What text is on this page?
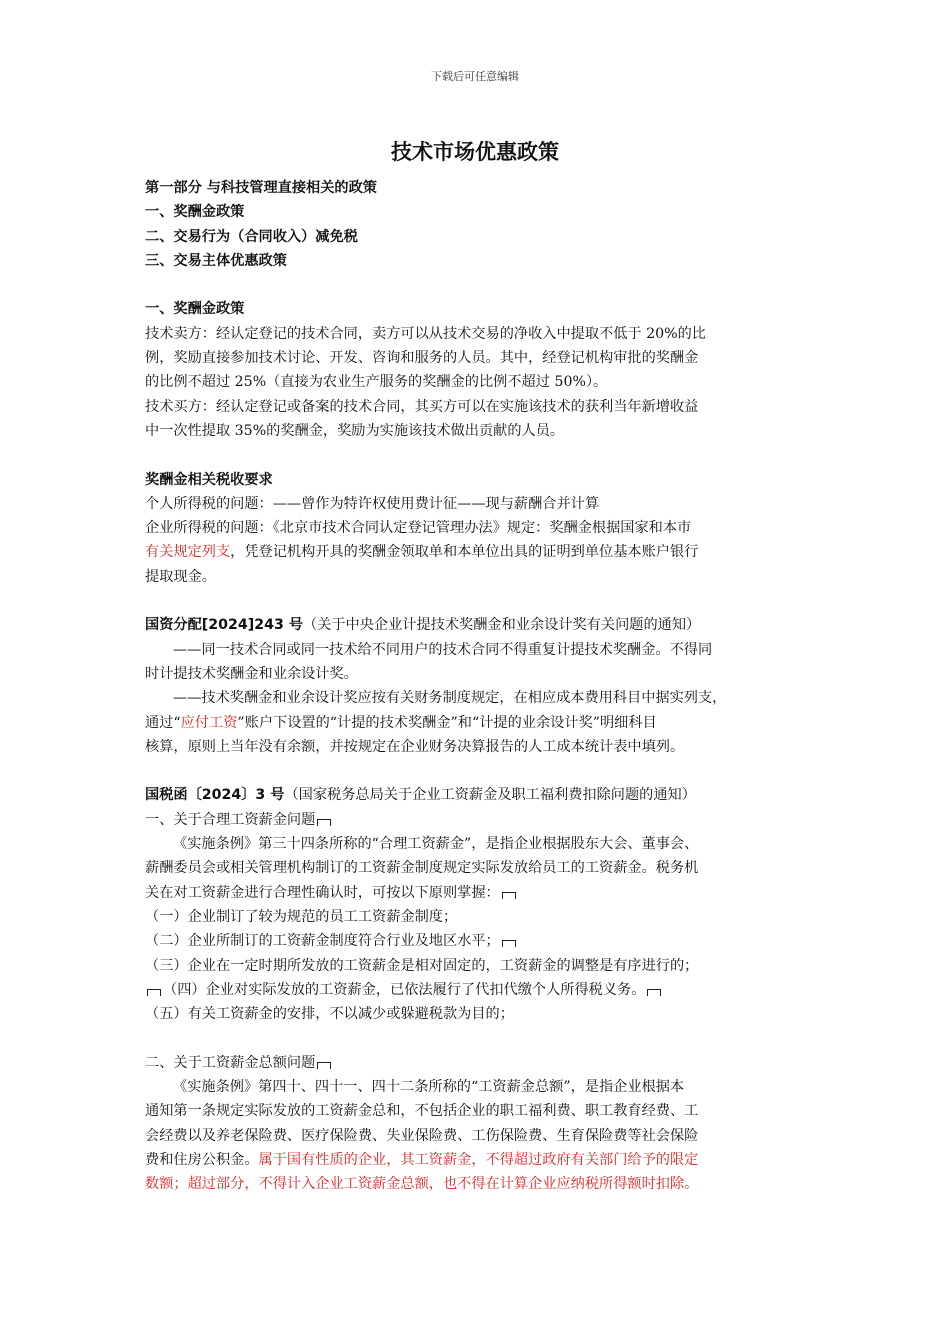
下载后可任意编辑
技术市场优惠政策
第一部分 与科技管理直接相关的政策
一、奖酬金政策
二、交易行为（合同收入）减免税
三、交易主体优惠政策
一、奖酬金政策
技术卖方：经认定登记的技术合同，卖方可以从技术交易的净收入中提取不低于 20%的比
例，奖励直接参加技术讨论、开发、咨询和服务的人员。其中，经登记机构审批的奖酬金
的比例不超过 25%（直接为农业生产服务的奖酬金的比例不超过 50%）。
技术买方：经认定登记或备案的技术合同，其买方可以在实施该技术的获利当年新增收益
中一次性提取 35%的奖酬金，奖励为实施该技术做出贡献的人员。
奖酬金相关税收要求
个人所得税的问题：——曾作为特许权使用费计征——现与薪酬合并计算
企业所得税的问题：《北京市技术合同认定登记管理办法》规定：奖酬金根据国家和本市
有关规定列支，凭登记机构开具的奖酬金领取单和本单位出具的证明到单位基本账户银行
提取现金。
国资分配[2024]243 号（关于中央企业计提技术奖酬金和业余设计奖有关问题的通知）
——同一技术合同或同一技术给不同用户的技术合同不得重复计提技术奖酬金。不得同
时计提技术奖酬金和业余设计奖。
——技术奖酬金和业余设计奖应按有关财务制度规定，在相应成本费用科目中据实列支，
通过“应付工资”账户下设置的“计提的技术奖酬金”和“计提的业余设计奖”明细科目
核算，原则上当年没有余额，并按规定在企业财务决算报告的人工成本统计表中填列。
国税函〔2024〕3 号（国家税务总局关于企业工资薪金及职工福利费扣除问题的通知）
一、关于合理工资薪金问题
《实施条例》第三十四条所称的“合理工资薪金”，是指企业根据股东大会、董事会、
薪酬委员会或相关管理机构制订的工资薪金制度规定实际发放给员工的工资薪金。税务机
关在对工资薪金进行合理性确认时，可按以下原则掌握：
（一）企业制订了较为规范的员工工资薪金制度；
（二）企业所制订的工资薪金制度符合行业及地区水平；
（三）企业在一定时期所发放的工资薪金是相对固定的，工资薪金的调整是有序进行的；
（四）企业对实际发放的工资薪金，已依法履行了代扣代缴个人所得税义务。
（五）有关工资薪金的安排，不以减少或躲避税款为目的；
二、关于工资薪金总额问题
《实施条例》第四十、四十一、四十二条所称的“工资薪金总额”，是指企业根据本
通知第一条规定实际发放的工资薪金总和，不包括企业的职工福利费、职工教育经费、工
会经费以及养老保险费、医疗保险费、失业保险费、工伤保险费、生育保险费等社会保险
费和住房公积金。属于国有性质的企业，其工资薪金，不得超过政府有关部门给予的限定
数额；超过部分，不得计入企业工资薪金总额，也不得在计算企业应纳税所得额时扣除。
